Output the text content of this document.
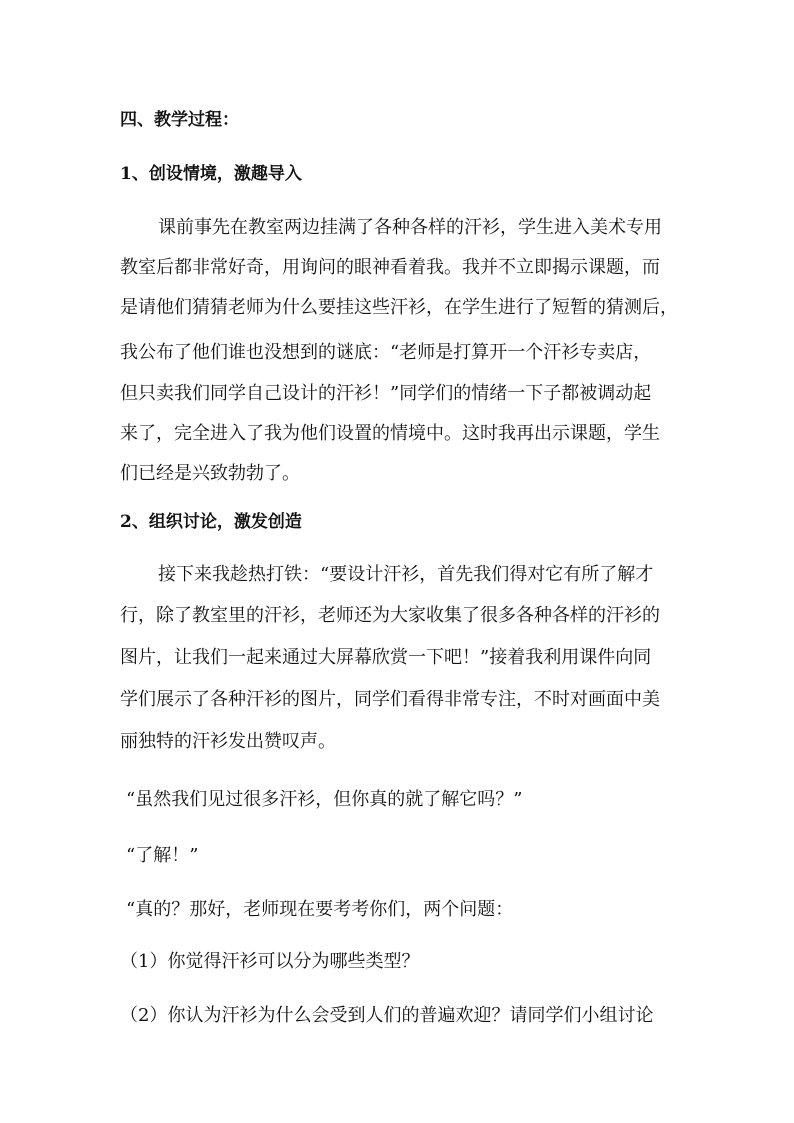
四、教学过程：
1、创设情境，激趣导入
课前事先在教室两边挂满了各种各样的汗衫，学生进入美术专用
教室后都非常好奇，用询问的眼神看着我。我并不立即揭示课题，而
是请他们猜猜老师为什么要挂这些汗衫，在学生进行了短暂的猜测后，
我公布了他们谁也没想到的谜底：“老师是打算开一个汗衫专卖店，
但只卖我们同学自己设计的汗衫！”同学们的情绪一下子都被调动起
来了，完全进入了我为他们设置的情境中。这时我再出示课题，学生
们已经是兴致勃勃了。
2、组织讨论，激发创造
接下来我趁热打铁：“要设计汗衫，首先我们得对它有所了解才
行，除了教室里的汗衫，老师还为大家收集了很多各种各样的汗衫的
图片，让我们一起来通过大屏幕欣赏一下吧！”接着我利用课件向同
学们展示了各种汗衫的图片，同学们看得非常专注，不时对画面中美
丽独特的汗衫发出赞叹声。
“虽然我们见过很多汗衫，但你真的就了解它吗？”
“了解！”
“真的？那好，老师现在要考考你们，两个问题：
（1）你觉得汗衫可以分为哪些类型？
（2）你认为汗衫为什么会受到人们的普遍欢迎？请同学们小组讨论
